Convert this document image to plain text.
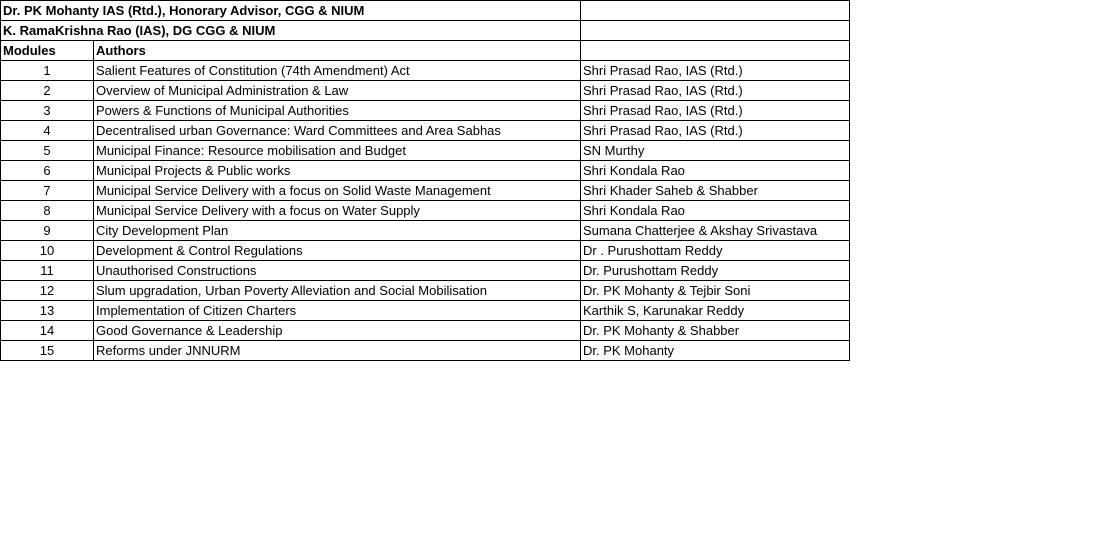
Dr. PK Mohanty IAS (Rtd.), Honorary Advisor, CGG & NIUM		
K. RamaKrishna Rao (IAS), DG CGG & NIUM		
Modules	Authors	
1	Salient Features of Constitution (74th Amendment) Act	Shri Prasad Rao, IAS (Rtd.)
2	Overview of Municipal Administration & Law	Shri Prasad Rao, IAS (Rtd.)
3	Powers & Functions of Municipal Authorities	Shri Prasad Rao, IAS (Rtd.)
4	Decentralised urban Governance: Ward Committees and Area Sabhas	Shri Prasad Rao, IAS (Rtd.)
5	Municipal Finance: Resource mobilisation and Budget	SN Murthy
6	Municipal Projects & Public works	Shri Kondala Rao
7	Municipal Service Delivery with a focus on Solid Waste Management	Shri Khader Saheb & Shabber
8	Municipal Service Delivery with a focus on Water Supply	Shri Kondala Rao
9	City Development Plan	Sumana Chatterjee & Akshay Srivastava
10	Development & Control Regulations	Dr . Purushottam Reddy
11	Unauthorised Constructions	Dr. Purushottam Reddy
12	Slum upgradation, Urban Poverty Alleviation and Social Mobilisation	Dr. PK Mohanty & Tejbir Soni
13	Implementation of Citizen Charters	Karthik S, Karunakar Reddy
14	Good Governance & Leadership	Dr. PK Mohanty & Shabber
15	Reforms under JNNURM	Dr. PK Mohanty
